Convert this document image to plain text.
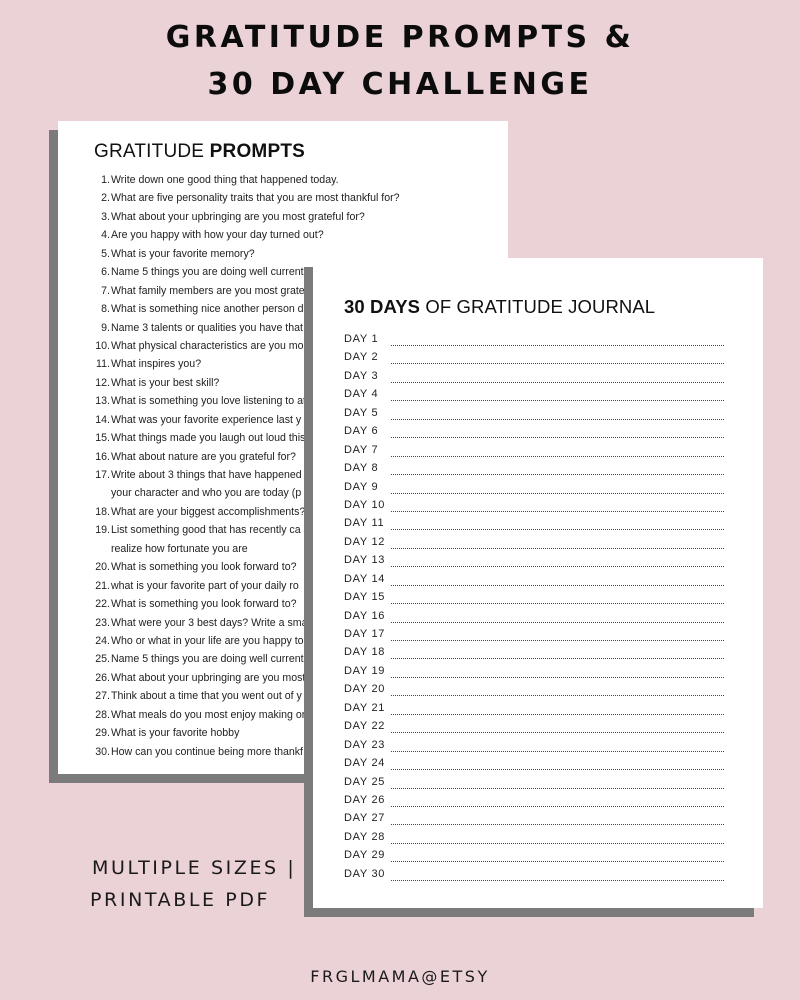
GRATITUDE PROMPTS &
30 DAY CHALLENGE
GRATITUDE PROMPTS
1. Write down one good thing that happened today.
2. What are five personality traits that you are most thankful for?
3. What about your upbringing are you most grateful for?
4. Are you happy with how your day turned out?
5. What is your favorite memory?
6. Name 5 things you are doing well current
7. What family members are you most grate
8. What is something nice another person d
9. Name 3 talents or qualities you have that
10. What physical characteristics are you mo
11. What inspires you?
12. What is your best skill?
13. What is something you love listening to at
14. What was your favorite experience last y
15. What things made you laugh out loud this
16. What about nature are you grateful for?
17. Write about 3 things that have happened
your character and who you are today (p
18. What are your biggest accomplishments?
19. List something good that has recently ca
realize how fortunate you are
20. What is something you look forward to?
21. what is your favorite part of your daily ro
22. What is something you look forward to?
23. What were your 3 best days? Write a sma
24. Who or what in your life are you happy to
25. Name 5 things you are doing well current
26. What about your upbringing are you most
27. Think about a time that you went out of y
28. What meals do you most enjoy making or
29. What is your favorite hobby
30. How can you continue being more thankf
30 DAYS OF GRATITUDE JOURNAL
DAY 1
DAY 2
DAY 3
DAY 4
DAY 5
DAY 6
DAY 7
DAY 8
DAY 9
DAY 10
DAY 11
DAY 12
DAY 13
DAY 14
DAY 15
DAY 16
DAY 17
DAY 18
DAY 19
DAY 20
DAY 21
DAY 22
DAY 23
DAY 24
DAY 25
DAY 26
DAY 27
DAY 28
DAY 29
DAY 30
MULTIPLE SIZES |
PRINTABLE PDF
FRGLMAMA@ETSY
